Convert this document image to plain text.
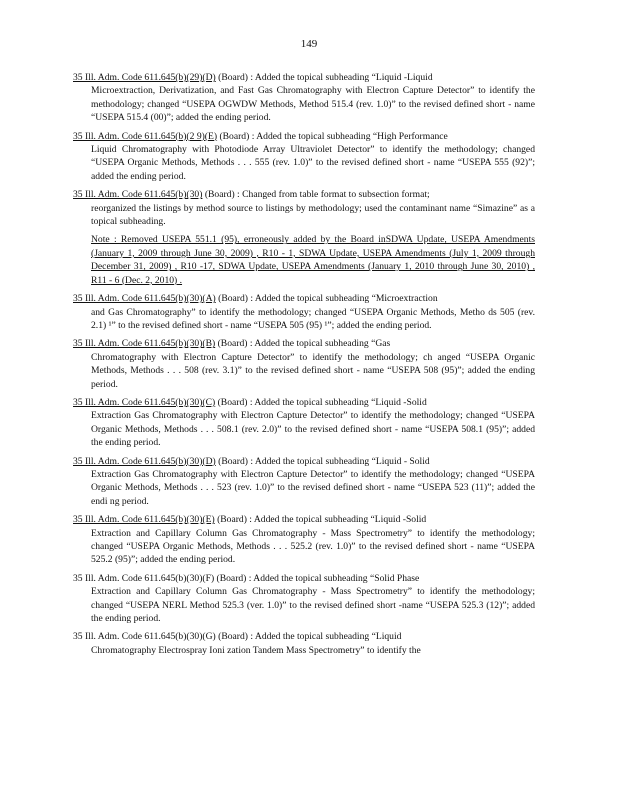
149
35 Ill. Adm. Code 611.645(b)(29)(D) (Board) : Added the topical subheading “Liquid -Liquid
Microextraction, Derivatization, and Fast Gas Chromatography with Electron Capture Detector” to identify the methodology; changed “USEPA OGWDW Methods, Method 515.4 (rev. 1.0)” to the revised defined short - name “USEPA 515.4 (00)”; added the ending period.
35 Ill. Adm. Code 611.645(b)(2 9)(E) (Board) : Added the topical subheading “High Performance
Liquid Chromatography with Photodiode Array Ultraviolet Detector” to identify the methodology; changed “USEPA Organic Methods, Methods . . . 555 (rev. 1.0)” to the revised defined short - name “USEPA 555 (92)”; added the ending period.
35 Ill. Adm. Code 611.645(b)(30) (Board) : Changed from table format to subsection format;
reorganized the listings by method source to listings by methodology; used the contaminant name “Simazine” as a topical subheading.
Note : Removed USEPA 551.1 (95), erroneously added by the Board inSDWA Update, USEPA Amendments (January 1, 2009 through June 30, 2009) , R10 - 1, SDWA Update, USEPA Amendments (July 1, 2009 through December 31, 2009) , R10 -17, SDWA Update, USEPA Amendments (January 1, 2010 through June 30, 2010) , R11 - 6 (Dec. 2, 2010) .
35 Ill. Adm. Code 611.645(b)(30)(A) (Board) : Added the topical subheading “Microextraction
and Gas Chromatography” to identify the methodology; changed “USEPA Organic Methods, Metho ds 505 (rev. 2.1) ¹” to the revised defined short - name “USEPA 505 (95) ¹”; added the ending period.
35 Ill. Adm. Code 611.645(b)(30)(B) (Board) : Added the topical subheading “Gas
Chromatography with Electron Capture Detector” to identify the methodology; ch anged “USEPA Organic Methods, Methods . . . 508 (rev. 3.1)” to the revised defined short - name “USEPA 508 (95)”; added the ending period.
35 Ill. Adm. Code 611.645(b)(30)(C) (Board) : Added the topical subheading “Liquid -Solid
Extraction Gas Chromatography with Electron Capture Detector” to identify the methodology; changed “USEPA Organic Methods, Methods . . . 508.1 (rev. 2.0)” to the revised defined short - name “USEPA 508.1 (95)”; added the ending period.
35 Ill. Adm. Code 611.645(b)(30)(D) (Board) : Added the topical subheading “Liquid - Solid
Extraction Gas Chromatography with Electron Capture Detector” to identify the methodology; changed “USEPA Organic Methods, Methods . . . 523 (rev. 1.0)” to the revised defined short - name “USEPA 523 (11)”; added the endi ng period.
35 Ill. Adm. Code 611.645(b)(30)(E) (Board) : Added the topical subheading “Liquid -Solid
Extraction and Capillary Column Gas Chromatography - Mass Spectrometry” to identify the methodology; changed “USEPA Organic Methods, Methods . . . 525.2 (rev. 1.0)” to the revised defined short - name “USEPA 525.2 (95)”; added the ending period.
35 Ill. Adm. Code 611.645(b)(30)(F) (Board) : Added the topical subheading “Solid Phase
Extraction and Capillary Column Gas Chromatography - Mass Spectrometry” to identify the methodology; changed “USEPA NERL Method 525.3 (ver. 1.0)” to the revised defined short -name “USEPA 525.3 (12)”; added the ending period.
35 Ill. Adm. Code 611.645(b)(30)(G) (Board) : Added the topical subheading “Liquid
Chromatography Electrospray Ioni zation Tandem Mass Spectrometry” to identify the
